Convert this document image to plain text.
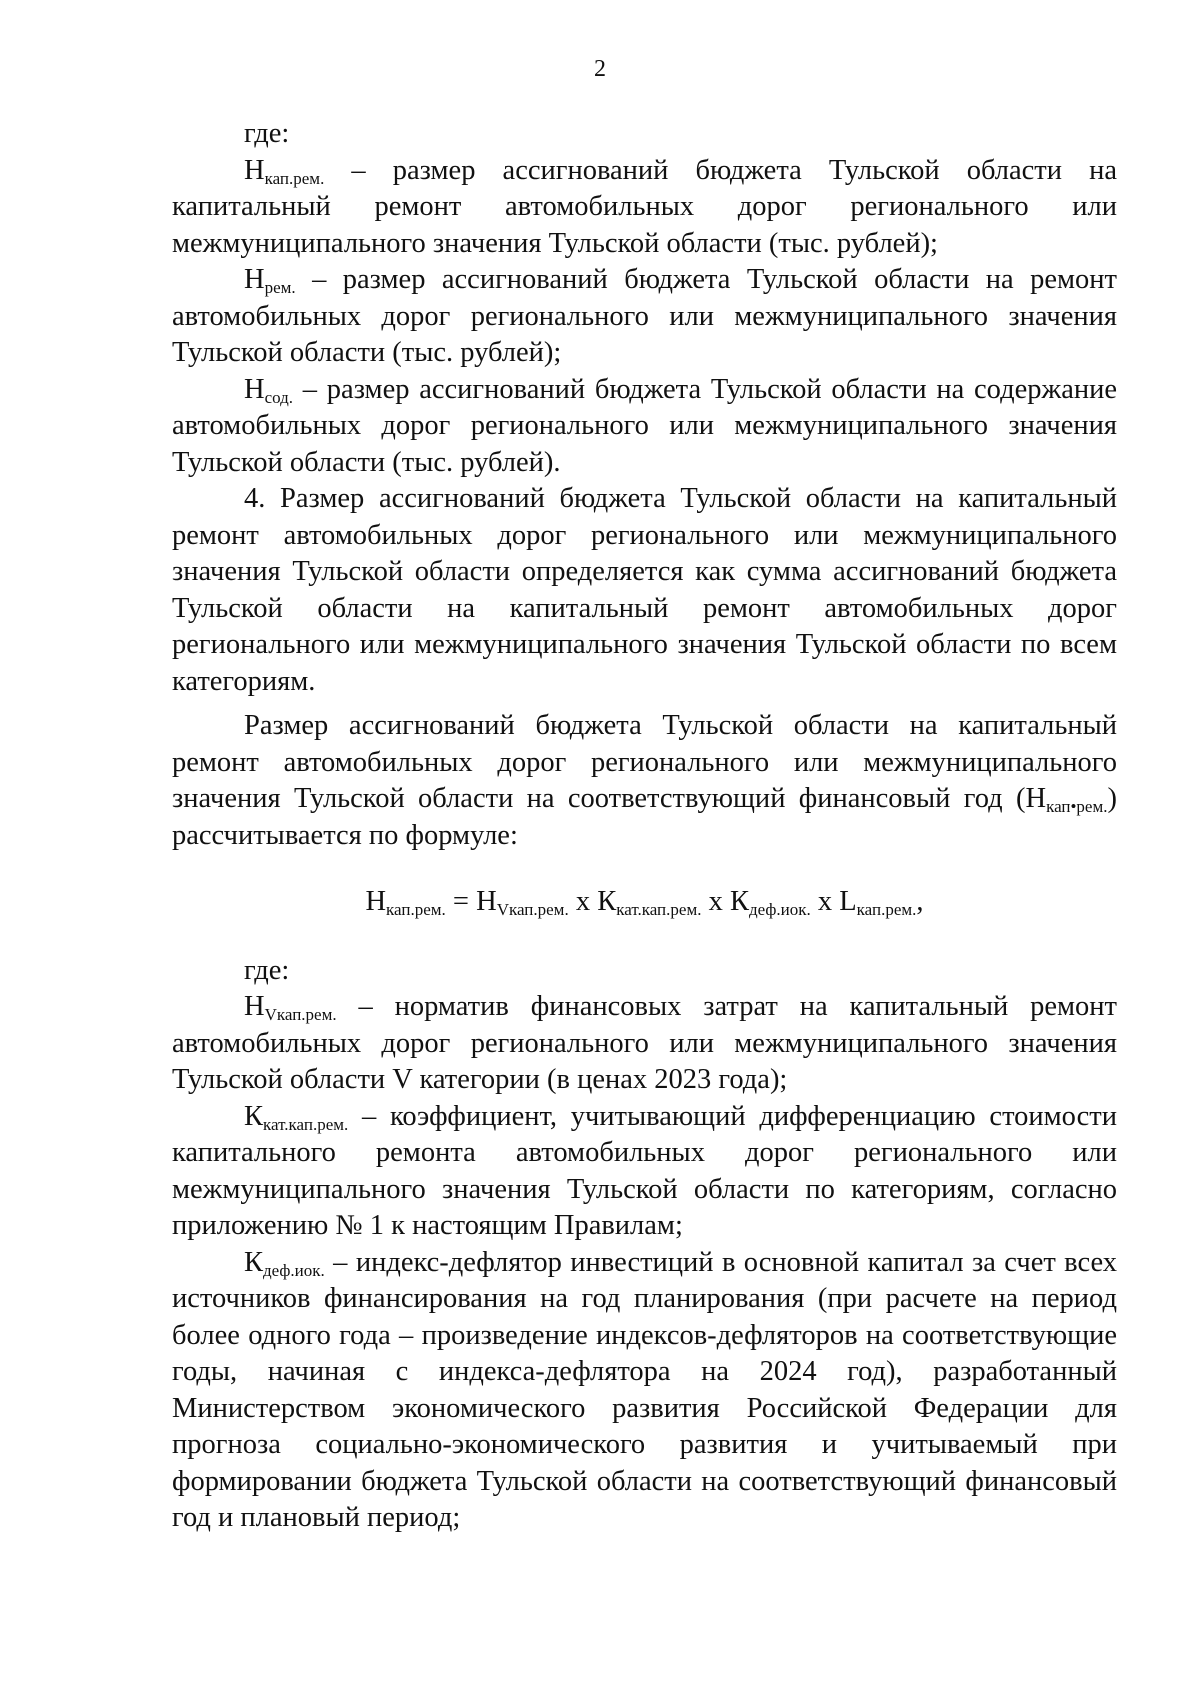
2

где:

$Н_{кап.рем.}$ – размер ассигнований бюджета Тульской области на капитальный ремонт автомобильных дорог регионального или межмуниципального значения Тульской области (тыс. рублей);

$Н_{рем.}$ – размер ассигнований бюджета Тульской области на ремонт автомобильных дорог регионального или межмуниципального значения Тульской области (тыс. рублей);

$Н_{сод.}$ – размер ассигнований бюджета Тульской области на содержание автомобильных дорог регионального или межмуниципального значения Тульской области (тыс. рублей).

4. Размер ассигнований бюджета Тульской области на капитальный ремонт автомобильных дорог регионального или межмуниципального значения Тульской области определяется как сумма ассигнований бюджета Тульской области на капитальный ремонт автомобильных дорог регионального или межмуниципального значения Тульской области по всем категориям.

Размер ассигнований бюджета Тульской области на капитальный ремонт автомобильных дорог регионального или межмуниципального значения Тульской области на соответствующий финансовый год $(Н_{кап•рем.})$ рассчитывается по формуле:

$Н_{кап.рем.} = Н_{Vкап.рем.}$ x $К_{кат.кап.рем.}$ x $К_{деф.иок.}$ x $L_{кап.рем.}$,

где:

$Н_{Vкап.рем.}$ – норматив финансовых затрат на капитальный ремонт автомобильных дорог регионального или межмуниципального значения Тульской области V категории (в ценах 2023 года);

$К_{кат.кап.рем.}$ – коэффициент, учитывающий дифференциацию стоимости капитального ремонта автомобильных дорог регионального или межмуниципального значения Тульской области по категориям, согласно приложению № 1 к настоящим Правилам;

$К_{деф.иок.}$ – индекс-дефлятор инвестиций в основной капитал за счет всех источников финансирования на год планирования (при расчете на период более одного года – произведение индексов-дефляторов на соответствующие годы, начиная с индекса-дефлятора на 2024 год), разработанный Министерством экономического развития Российской Федерации для прогноза социально-экономического развития и учитываемый при формировании бюджета Тульской области на соответствующий финансовый год и плановый период;
